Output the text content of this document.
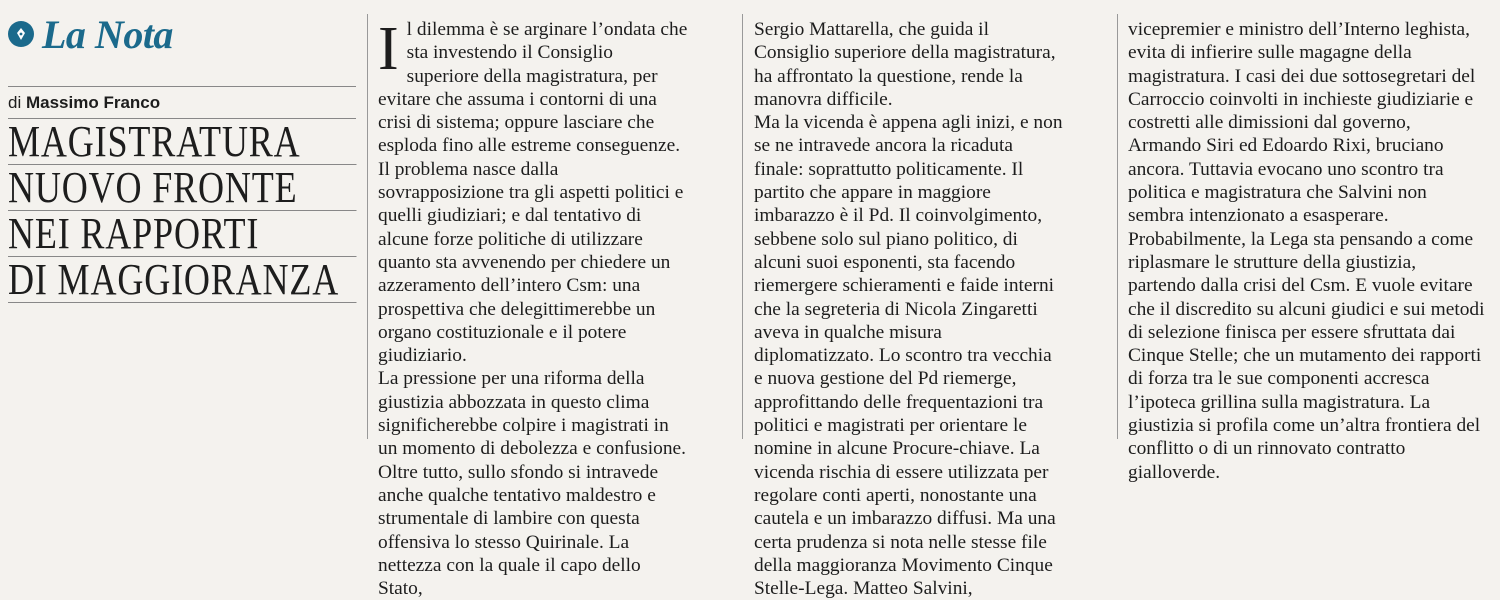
La Nota
di Massimo Franco
MAGISTRATURA
NUOVO FRONTE
NEI RAPPORTI
DI MAGGIORANZA
I l dilemma è se arginare l’ondata che sta investendo il Consiglio superiore della magistratura, per evitare che assuma i contorni di una crisi di sistema; oppure lasciare che esploda fino alle estreme conseguenze. Il problema nasce dalla sovrapposizione tra gli aspetti politici e quelli giudiziari; e dal tentativo di alcune forze politiche di utilizzare quanto sta avvenendo per chiedere un azzeramento dell’intero Csm: una prospettiva che delegittimerebbe un organo costituzionale e il potere giudiziario.

La pressione per una riforma della giustizia abbozzata in questo clima significherebbe colpire i magistrati in un momento di debolezza e confusione. Oltre tutto, sullo sfondo si intravede anche qualche tentativo maldestro e strumentale di lambire con questa offensiva lo stesso Quirinale. La nettezza con la quale il capo dello Stato,

Sergio Mattarella, che guida il Consiglio superiore della magistratura, ha affrontato la questione, rende la manovra difficile.

Ma la vicenda è appena agli inizi, e non se ne intravede ancora la ricaduta finale: soprattutto politicamente. Il partito che appare in maggiore imbarazzo è il Pd. Il coinvolgimento, sebbene solo sul piano politico, di alcuni suoi esponenti, sta facendo riemergere schieramenti e faide interni che la segreteria di Nicola Zingaretti aveva in qualche misura diplomatizzato. Lo scontro tra vecchia e nuova gestione del Pd riemerge, approfittando delle frequentazioni tra politici e magistrati per orientare le nomine in alcune Procure-chiave. La vicenda rischia di essere utilizzata per regolare conti aperti, nonostante una cautela e un imbarazzo diffusi. Ma una certa prudenza si nota nelle stesse file della maggioranza Movimento Cinque Stelle-Lega. Matteo Salvini,

vicepremier e ministro dell’Interno leghista, evita di infierire sulle magagne della magistratura. I casi dei due sottosegretari del Carroccio coinvolti in inchieste giudiziarie e costretti alle dimissioni dal governo, Armando Siri ed Edoardo Rixi, bruciano ancora. Tuttavia evocano uno scontro tra politica e magistratura che Salvini non sembra intenzionato a esasperare.

Probabilmente, la Lega sta pensando a come riplasmare le strutture della giustizia, partendo dalla crisi del Csm. E vuole evitare che il discredito su alcuni giudici e sui metodi di selezione finisca per essere sfruttata dai Cinque Stelle; che un mutamento dei rapporti di forza tra le sue componenti accresca l’ipoteca grillina sulla magistratura. La giustizia si profila come un’altra frontiera del conflitto o di un rinnovato contratto gialloverde.
